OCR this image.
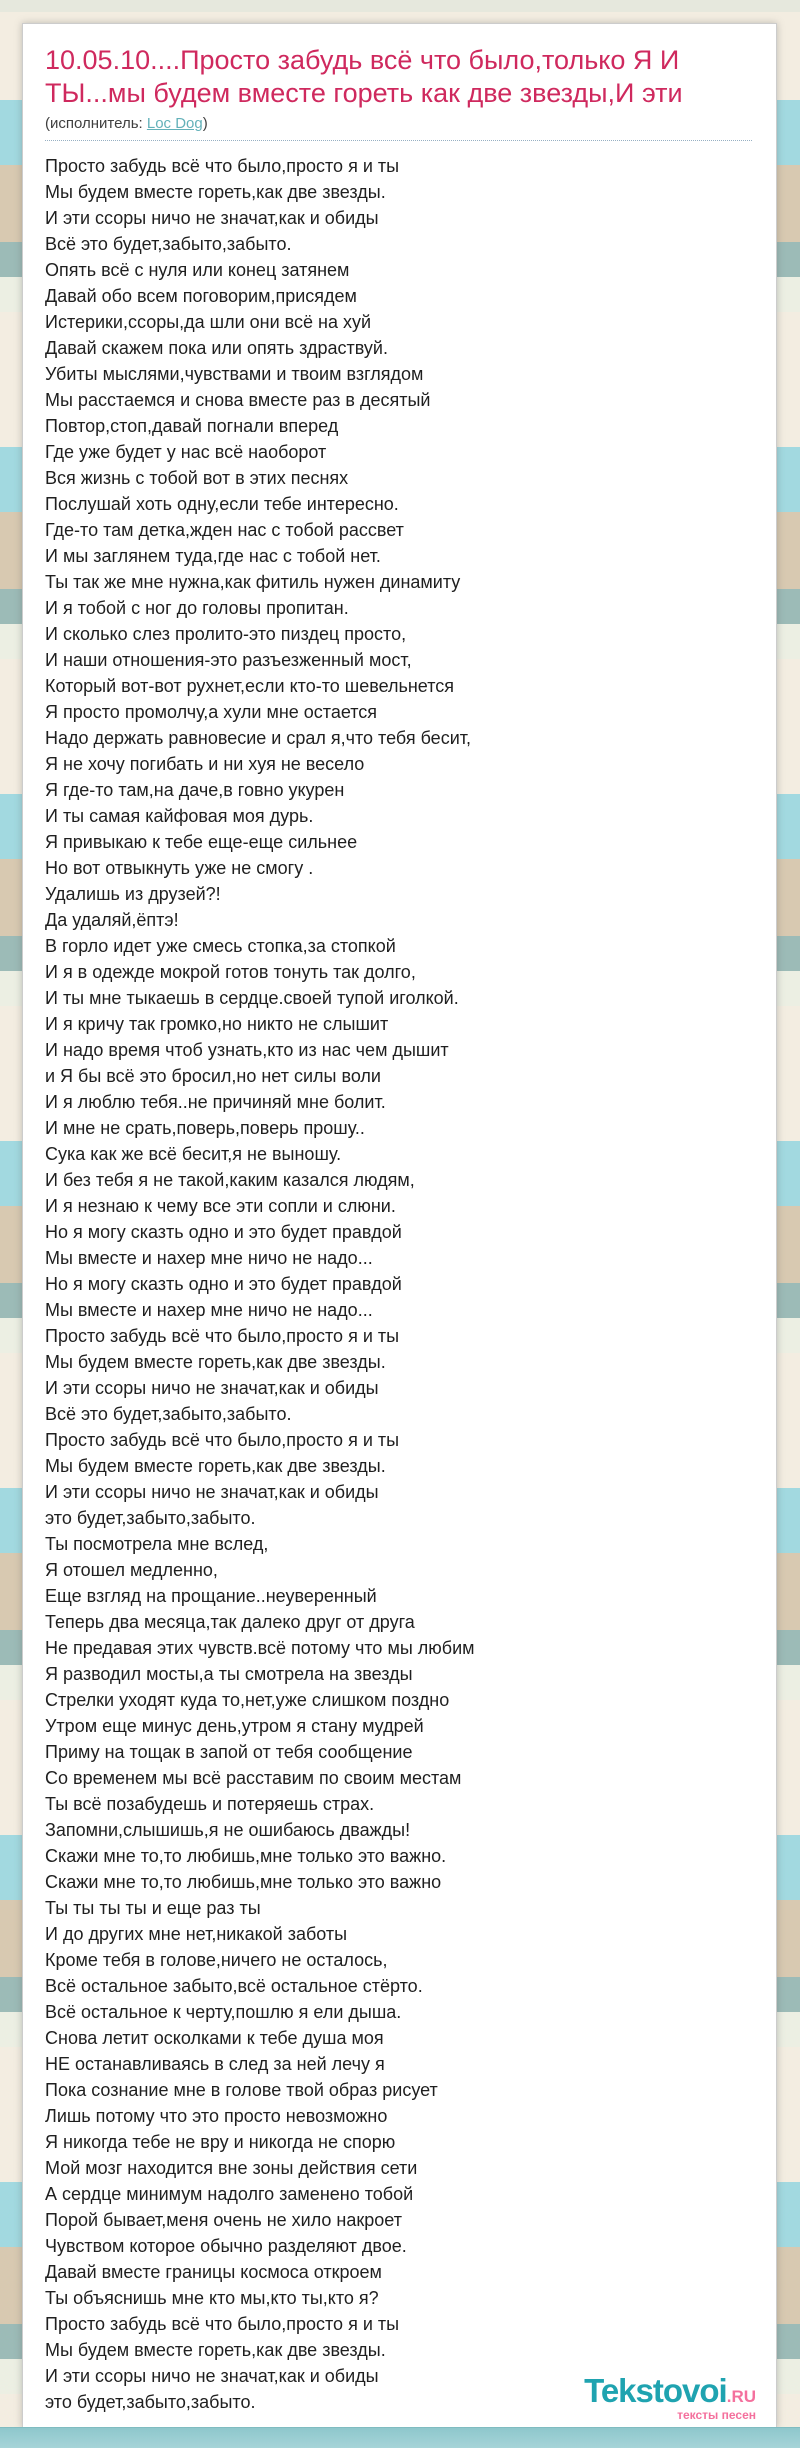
10.05.10....Просто забудь всё что было,только Я И ТЫ...мы будем вместе гореть как две звезды,И эти
(исполнитель: Loc Dog)
Просто забудь всё что было,просто я и ты
Мы будем вместе гореть,как две звезды.
И эти ссоры ничо не значат,как и обиды
Всё это будет,забыто,забыто.
Опять всё с нуля или конец затянем
Давай обо всем поговорим,присядем
Истерики,ссоры,да шли они всё на хуй
Давай скажем пока или опять здраствуй.
Убиты мыслями,чувствами и твоим взглядом
Мы расстаемся и снова вместе раз в десятый
Повтор,стоп,давай погнали вперед
Где уже будет у нас всё наоборот
Вся жизнь с тобой вот в этих песнях
Послушай хоть одну,если тебе интересно.
Где-то там детка,жден нас с тобой рассвет
И мы заглянем туда,где нас с тобой нет.
Ты так же мне нужна,как фитиль нужен динамиту
И я тобой с ног до головы пропитан.
И сколько слез пролито-это пиздец просто,
И наши отношения-это разъезженный мост,
Который вот-вот рухнет,если кто-то шевельнется
Я просто промолчу,а хули мне остается
Надо держать равновесие и срал я,что тебя бесит,
Я не хочу погибать и ни хуя не весело
Я где-то там,на даче,в говно укурен
И ты самая кайфовая моя дурь.
Я привыкаю к тебе еще-еще сильнее
Но вот отвыкнуть уже не смогу .
Удалишь из друзей?!
Да удаляй,ёптэ!
В горло идет уже смесь стопка,за стопкой
И я в одежде мокрой готов тонуть так долго,
И ты мне тыкаешь в сердце.своей тупой иголкой.
И я кричу так громко,но никто не слышит
И надо время чтоб узнать,кто из нас чем дышит
и Я бы всё это бросил,но нет силы воли
И я люблю тебя..не причиняй мне болит.
И мне не срать,поверь,поверь прошу..
Сука как же всё бесит,я не выношу.
И без тебя я не такой,каким казался людям,
И я незнаю к чему все эти сопли и слюни.
Но я могу сказть одно и это будет правдой
Мы вместе и нахер мне ничо не надо...
Но я могу сказть одно и это будет правдой
Мы вместе и нахер мне ничо не надо...
Просто забудь всё что было,просто я и ты
Мы будем вместе гореть,как две звезды.
И эти ссоры ничо не значат,как и обиды
Всё это будет,забыто,забыто.
Просто забудь всё что было,просто я и ты
Мы будем вместе гореть,как две звезды.
И эти ссоры ничо не значат,как и обиды
это будет,забыто,забыто.
Ты посмотрела мне вслед,
Я отошел медленно,
Еще взгляд на прощание..неуверенный
Теперь два месяца,так далеко друг от друга
Не предавая этих чувств.всё потому что мы любим
Я разводил мосты,а ты смотрела на звезды
Стрелки уходят куда то,нет,уже слишком поздно
Утром еще минус день,утром я стану мудрей
Приму на тощак в запой от тебя сообщение
Со временем мы всё расставим по своим местам
Ты всё позабудешь и потеряешь страх.
Запомни,слышишь,я не ошибаюсь дважды!
Скажи мне то,то любишь,мне только это важно.
Скажи мне то,то любишь,мне только это важно
Ты ты ты ты и еще раз ты
И до других мне нет,никакой заботы
Кроме тебя в голове,ничего не осталось,
Всё остальное забыто,всё остальное стёрто.
Всё остальное к черту,пошлю я ели дыша.
Снова летит осколками к тебе душа моя
НЕ останавливаясь в след за ней лечу я
Пока сознание мне в голове твой образ рисует
Лишь потому что это просто невозможно
Я никогда тебе не вру и никогда не спорю
Мой мозг находится вне зоны действия сети
А сердце минимум надолго заменено тобой
Порой бывает,меня очень не хило накроет
Чувством которое обычно разделяют двое.
Давай вместе границы космоса откроем
Ты объяснишь мне кто мы,кто ты,кто я?
Просто забудь всё что было,просто я и ты
Мы будем вместе гореть,как две звезды.
И эти ссоры ничо не значат,как и обиды
это будет,забыто,забыто.	Tekstovoi.RU
тексты песен
